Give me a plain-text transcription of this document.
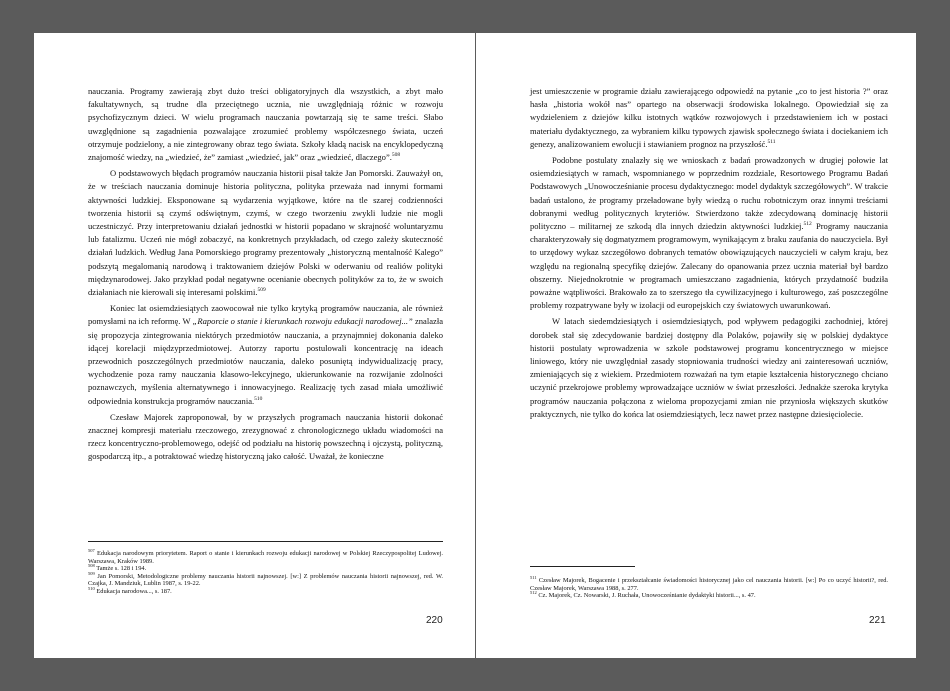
nauczania. Programy zawierają zbyt dużo treści obligatoryjnych dla wszystkich, a zbyt mało fakultatywnych, są trudne dla przeciętnego ucznia, nie uwzględniają różnic w rozwoju psychofizycznym dzieci. W wielu programach nauczania powtarzają się te same treści. Słabo uwzględnione są zagadnienia pozwalające zrozumieć problemy współczesnego świata, uczeń otrzymuje podzielony, a nie zintegrowany obraz tego świata. Szkoły kładą nacisk na encyklopedyczną znajomość wiedzy, na „wiedzieć, że” zamiast „wiedzieć, jak” oraz „wiedzieć, dlaczego”.$^{508}$

O podstawowych błędach programów nauczania historii pisał także Jan Pomorski. Zauważył on, że w treściach nauczania dominuje historia polityczna, polityka przeważa nad innymi formami aktywności ludzkiej. Eksponowane są wydarzenia wyjątkowe, które na tle szarej codzienności tworzenia historii są czymś odświętnym, czymś, w czego tworzeniu zwykli ludzie nie mogli uczestniczyć. Przy interpretowaniu działań jednostki w historii popadano w skrajność woluntaryzmu lub fatalizmu. Uczeń nie mógł zobaczyć, na konkretnych przykładach, od czego zależy skuteczność działań ludzkich. Według Jana Pomorskiego programy prezentowały „historyczną mentalność Kalego” podszytą megalomanią narodową i traktowaniem dziejów Polski w oderwaniu od realiów polityki międzynarodowej. Jako przykład podał negatywne ocenianie obecnych polityków za to, że w swoich działaniach nie kierowali się interesami polskimi.$^{509}$

Koniec lat osiemdziesiątych zaowocował nie tylko krytyką programów nauczania, ale również pomysłami na ich reformę. W „Raporcie o stanie i kierunkach rozwoju edukacji narodowej...” znalazła się propozycja zintegrowania niektórych przedmiotów nauczania, a przynajmniej dokonania daleko idącej korelacji międzyprzedmiotowej. Autorzy raportu postulowali koncentrację na ideach przewodnich poszczególnych przedmiotów nauczania, daleko posuniętą indywidualizację pracy, wychodzenie poza ramy nauczania klasowo-lekcyjnego, ukierunkowanie na rozwijanie zdolności poznawczych, myślenia alternatywnego i innowacyjnego. Realizację tych zasad miała umożliwić odpowiednia konstrukcja programów nauczania.$^{510}$

Czesław Majorek zaproponował, by w przyszłych programach nauczania historii dokonać znacznej kompresji materiału rzeczowego, zrezygnować z chronologicznego układu wiadomości na rzecz koncentryczno-problemowego, odejść od podziału na historię powszechną i ojczystą, polityczną, gospodarczą itp., a potraktować wiedzę historyczną jako całość. Uważał, że konieczne

$^{507}$ Edukacja narodowym priorytetem. Raport o stanie i kierunkach rozwoju edukacji narodowej w Polskiej Rzeczypospolitej Ludowej. Warszawa, Kraków 1989.

$^{508}$ Tamże s. 128 i 194.

$^{509}$ Jan Pomorski, Metodologiczne problemy nauczania historii najnowszej. [w:] Z problemów nauczania historii najnowszej, red. W. Czajka, J. Mandziuk, Lublin 1987, s. 19-22.

$^{510}$ Edukacja narodowa..., s. 187.

220

jest umieszczenie w programie działu zawierającego odpowiedź na pytanie „co to jest historia ?” oraz hasła „historia wokół nas” opartego na obserwacji środowiska lokalnego. Opowiedział się za wydzieleniem z dziejów kilku istotnych wątków rozwojowych i przedstawieniem ich w postaci materiału dydaktycznego, za wybraniem kilku typowych zjawisk społecznego świata i dociekaniem ich genezy, analizowaniem ewolucji i stawianiem prognoz na przyszłość.$^{511}$

Podobne postulaty znalazły się we wnioskach z badań prowadzonych w drugiej połowie lat osiemdziesiątych w ramach, wspomnianego w poprzednim rozdziale, Resortowego Programu Badań Podstawowych „Unowocześnianie procesu dydaktycznego: model dydaktyk szczegółowych”. W trakcie badań ustalono, że programy przeładowane były wiedzą o ruchu robotniczym oraz innymi treściami dobranymi według politycznych kryteriów. Stwierdzono także zdecydowaną dominację historii polityczno – militarnej ze szkodą dla innych dziedzin aktywności ludzkiej.$^{512}$ Programy nauczania charakteryzowały się dogmatyzmem programowym, wynikającym z braku zaufania do nauczyciela. Był to urzędowy wykaz szczegółowo dobranych tematów obowiązujących nauczycieli w całym kraju, bez względu na regionalną specyfikę dziejów. Zalecany do opanowania przez ucznia materiał był bardzo obszerny. Niejednokrotnie w programach umieszczano zagadnienia, których przydatność budziła poważne wątpliwości. Brakowało za to szerszego tła cywilizacyjnego i kulturowego, zaś poszczególne problemy rozpatrywane były w izolacji od europejskich czy światowych uwarunkowań.

W latach siedemdziesiątych i osiemdziesiątych, pod wpływem pedagogiki zachodniej, której dorobek stał się zdecydowanie bardziej dostępny dla Polaków, pojawiły się w polskiej dydaktyce historii postulaty wprowadzenia w szkole podstawowej programu koncentrycznego w miejsce liniowego, który nie uwzględniał zasady stopniowania trudności wiedzy ani zainteresowań uczniów, zmieniających się z wiekiem. Przedmiotem rozważań na tym etapie kształcenia historycznego chciano uczynić przekrojowe problemy wprowadzające uczniów w świat przeszłości. Jednakże szeroka krytyka programów nauczania połączona z wieloma propozycjami zmian nie przyniosła większych skutków praktycznych, nie tylko do końca lat osiemdziesiątych, lecz nawet przez następne dziesięciolecie.

$^{511}$ Czesław Majorek, Bogacenie i przekształcanie świadomości historycznej jako cel nauczania historii. [w:] Po co uczyć historii?, red. Czesław Majorek, Warszawa 1988, s. 277.

$^{512}$ Cz. Majorek, Cz. Nowarski, J. Ruchała, Unowocześnianie dydaktyki historii..., s. 47.

221
